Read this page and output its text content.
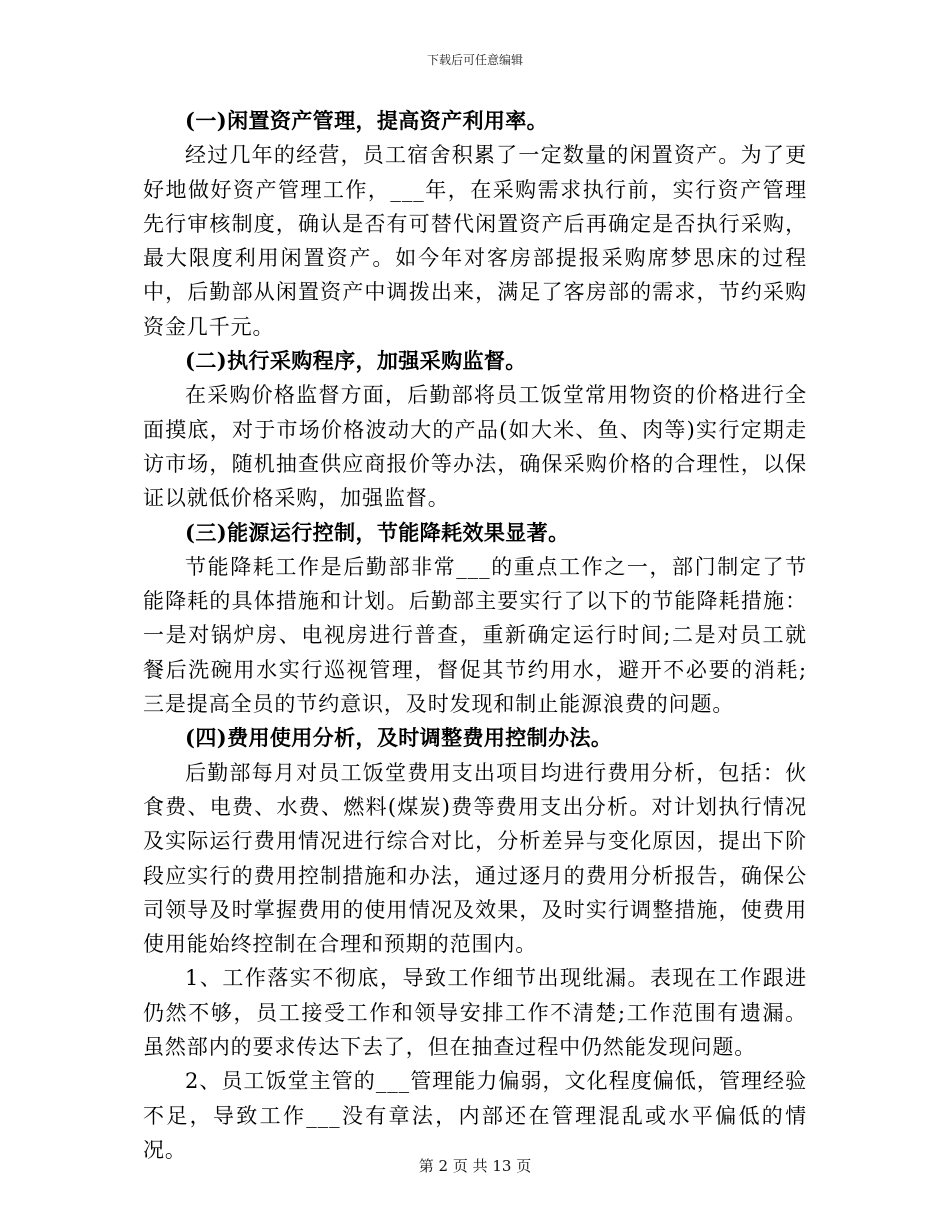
下载后可任意编辑

(一)闲置资产管理，提高资产利用率。

经过几年的经营，员工宿舍积累了一定数量的闲置资产。为了更好地做好资产管理工作，___年，在采购需求执行前，实行资产管理先行审核制度，确认是否有可替代闲置资产后再确定是否执行采购，最大限度利用闲置资产。如今年对客房部提报采购席梦思床的过程中，后勤部从闲置资产中调拨出来，满足了客房部的需求，节约采购资金几千元。

(二)执行采购程序，加强采购监督。

在采购价格监督方面，后勤部将员工饭堂常用物资的价格进行全面摸底，对于市场价格波动大的产品(如大米、鱼、肉等)实行定期走访市场，随机抽查供应商报价等办法，确保采购价格的合理性，以保证以就低价格采购，加强监督。

(三)能源运行控制，节能降耗效果显著。

节能降耗工作是后勤部非常___的重点工作之一，部门制定了节能降耗的具体措施和计划。后勤部主要实行了以下的节能降耗措施：一是对锅炉房、电视房进行普查，重新确定运行时间;二是对员工就餐后洗碗用水实行巡视管理，督促其节约用水，避开不必要的消耗;三是提高全员的节约意识，及时发现和制止能源浪费的问题。

(四)费用使用分析，及时调整费用控制办法。

后勤部每月对员工饭堂费用支出项目均进行费用分析，包括：伙食费、电费、水费、燃料(煤炭)费等费用支出分析。对计划执行情况及实际运行费用情况进行综合对比，分析差异与变化原因，提出下阶段应实行的费用控制措施和办法，通过逐月的费用分析报告，确保公司领导及时掌握费用的使用情况及效果，及时实行调整措施，使费用使用能始终控制在合理和预期的范围内。

1、工作落实不彻底，导致工作细节出现纰漏。表现在工作跟进仍然不够，员工接受工作和领导安排工作不清楚;工作范围有遗漏。虽然部内的要求传达下去了，但在抽查过程中仍然能发现问题。

2、员工饭堂主管的___管理能力偏弱，文化程度偏低，管理经验不足，导致工作___没有章法，内部还在管理混乱或水平偏低的情况。

第 2 页 共 13 页
